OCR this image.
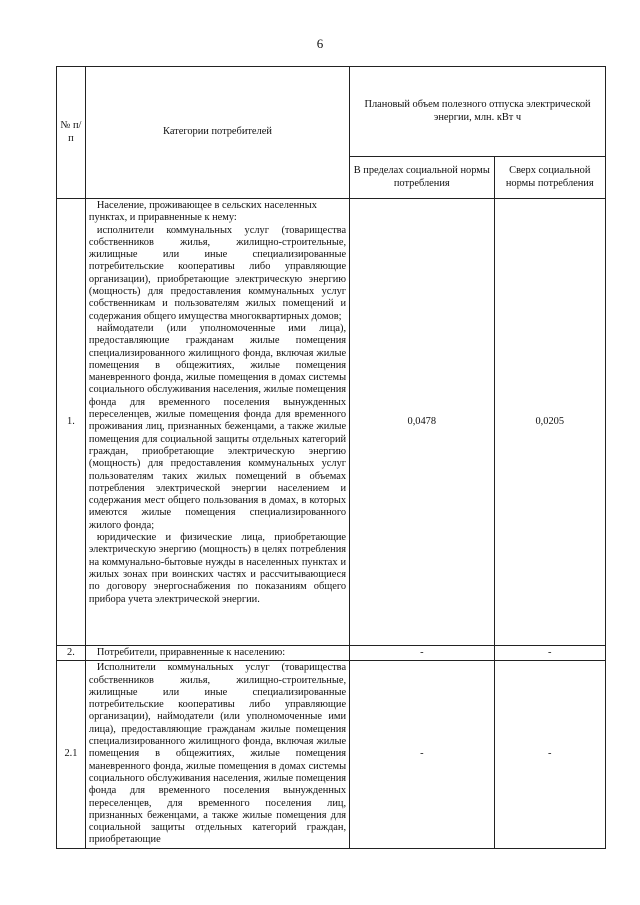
6
№ п/п	Категории потребителей	Плановый объем полезного отпуска электрической энергии, млн. кВт ч	
		В пределах социальной нормы потребления	Сверх социальной нормы потребления
1.	Население, проживающее в сельских населенных пунктах, и приравненные к нему:

исполнители коммунальных услуг (товарищества собственников жилья, жилищно-строительные, жилищные или иные специализированные потребительские кооперативы либо управляющие организации), приобретающие электрическую энергию (мощность) для предоставления коммунальных услуг собственникам и пользователям жилых помещений и содержания общего имущества многоквартирных домов;

наймодатели (или уполномоченные ими лица), предоставляющие гражданам жилые помещения специализированного жилищного фонда, включая жилые помещения в общежитиях, жилые помещения маневренного фонда, жилые помещения в домах системы социального обслуживания населения, жилые помещения фонда для временного поселения вынужденных переселенцев, жилые помещения фонда для временного проживания лиц, признанных беженцами, а также жилые помещения для социальной защиты отдельных категорий граждан, приобретающие электрическую энергию (мощность) для предоставления коммунальных услуг пользователям таких жилых помещений в объемах потребления электрической энергии населением и содержания мест общего пользования в домах, в которых имеются жилые помещения специализированного жилого фонда;

юридические и физические лица, приобретающие электрическую энергию (мощность) в целях потребления на коммунально-бытовые нужды в населенных пунктах и жилых зонах при воинских частях и рассчитывающиеся по договору энергоснабжения по показаниям общего прибора учета электрической энергии.	0,0478	0,0205
2.	Потребители, приравненные к населению:	-	-
2.1	Исполнители коммунальных услуг (товарищества собственников жилья, жилищно-строительные, жилищные или иные специализированные потребительские кооперативы либо управляющие организации), наймодатели (или уполномоченные ими лица), предоставляющие гражданам жилые помещения специализированного жилищного фонда, включая жилые помещения в общежитиях, жилые помещения маневренного фонда, жилые помещения в домах системы социального обслуживания населения, жилые помещения фонда для временного поселения вынужденных переселенцев, для временного поселения лиц, признанных беженцами, а также жилые помещения для социальной защиты отдельных категорий граждан, приобретающие	-	-
